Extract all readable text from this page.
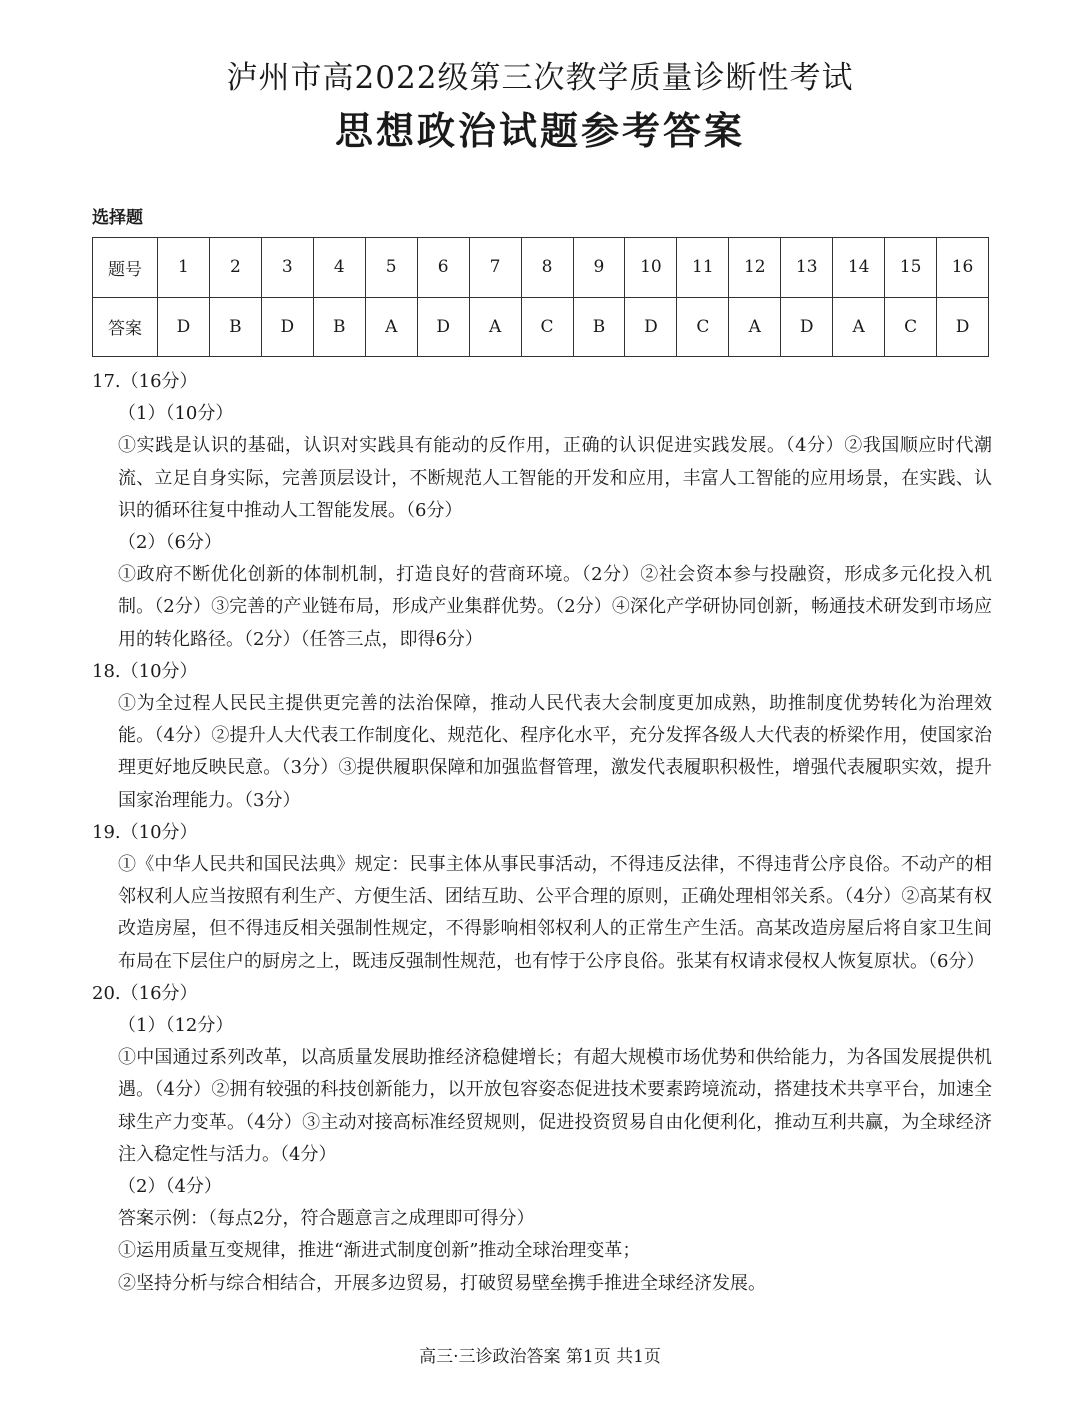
泸州市高2022级第三次教学质量诊断性考试
思想政治试题参考答案
选择题
题号	1	2	3	4	5	6	7	8	9	10	11	12	13	14	15	16
答案	D	B	D	B	A	D	A	C	B	D	C	A	D	A	C	D
17.（16分）
（1）（10分）
①实践是认识的基础，认识对实践具有能动的反作用，正确的认识促进实践发展。（4分）②我国顺应时代潮流、立足自身实际，完善顶层设计，不断规范人工智能的开发和应用，丰富人工智能的应用场景，在实践、认识的循环往复中推动人工智能发展。（6分）
（2）（6分）
①政府不断优化创新的体制机制，打造良好的营商环境。（2分）②社会资本参与投融资，形成多元化投入机制。（2分）③完善的产业链布局，形成产业集群优势。（2分）④深化产学研协同创新，畅通技术研发到市场应用的转化路径。（2分）（任答三点，即得6分）
18.（10分）
①为全过程人民民主提供更完善的法治保障，推动人民代表大会制度更加成熟，助推制度优势转化为治理效能。（4分）②提升人大代表工作制度化、规范化、程序化水平，充分发挥各级人大代表的桥梁作用，使国家治理更好地反映民意。（3分）③提供履职保障和加强监督管理，激发代表履职积极性，增强代表履职实效，提升国家治理能力。（3分）
19.（10分）
①《中华人民共和国民法典》规定：民事主体从事民事活动，不得违反法律，不得违背公序良俗。不动产的相邻权利人应当按照有利生产、方便生活、团结互助、公平合理的原则，正确处理相邻关系。（4分）②高某有权改造房屋，但不得违反相关强制性规定，不得影响相邻权利人的正常生产生活。高某改造房屋后将自家卫生间布局在下层住户的厨房之上，既违反强制性规范，也有悖于公序良俗。张某有权请求侵权人恢复原状。（6分）
20.（16分）
（1）（12分）
①中国通过系列改革，以高质量发展助推经济稳健增长；有超大规模市场优势和供给能力，为各国发展提供机遇。（4分）②拥有较强的科技创新能力，以开放包容姿态促进技术要素跨境流动，搭建技术共享平台，加速全球生产力变革。（4分）③主动对接高标准经贸规则，促进投资贸易自由化便利化，推动互利共赢，为全球经济注入稳定性与活力。（4分）
（2）（4分）
答案示例：（每点2分，符合题意言之成理即可得分）
①运用质量互变规律，推进“渐进式制度创新”推动全球治理变革；
②坚持分析与综合相结合，开展多边贸易，打破贸易壁垒携手推进全球经济发展。
高三·三诊政治答案 第1页 共1页
